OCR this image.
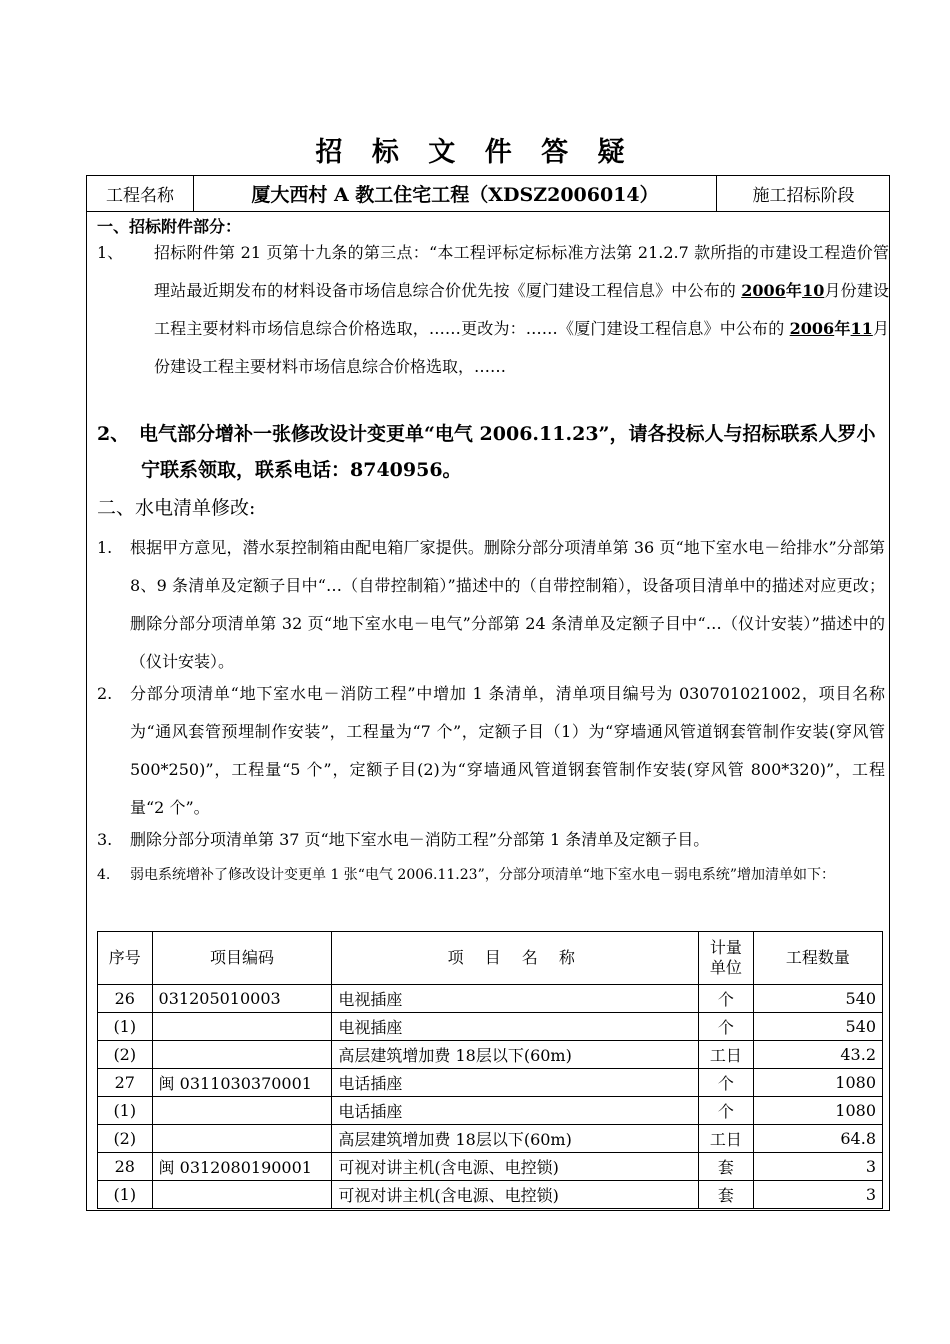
招 标 文 件 答 疑
工程名称	厦大西村 A 教工住宅工程（XDSZ2006014）	施工招标阶段
一、招标附件部分：
1、 招标附件第 21 页第十九条的第三点：“本工程评标定标标准方法第 21.2.7 款所指的市建设工程造价管理站最近期发布的材料设备市场信息综合价优先按《厦门建设工程信息》中公布的 2006年10月份建设工程主要材料市场信息综合价格选取，……更改为：……《厦门建设工程信息》中公布的 2006年11月份建设工程主要材料市场信息综合价格选取，……
2、 电气部分增补一张修改设计变更单“电气 2006.11.23”，请各投标人与招标联系人罗小宁联系领取，联系电话：8740956。
二、水电清单修改:
1. 根据甲方意见，潜水泵控制箱由配电箱厂家提供。删除分部分项清单第 36 页“地下室水电－给排水”分部第 8、9 条清单及定额子目中“…（自带控制箱）”描述中的（自带控制箱），设备项目清单中的描述对应更改；删除分部分项清单第 32 页“地下室水电－电气”分部第 24 条清单及定额子目中“…（仪计安装）”描述中的（仪计安装）。
2. 分部分项清单“地下室水电－消防工程”中增加 1 条清单，清单项目编号为 030701021002，项目名称为“通风套管预埋制作安装”，工程量为“7 个”，定额子目（1）为“穿墙通风管道钢套管制作安装(穿风管 500*250)”，工程量“5 个”，定额子目(2)为“穿墙通风管道钢套管制作安装(穿风管 800*320)”，工程量“2 个”。
3. 删除分部分项清单第 37 页“地下室水电－消防工程”分部第 1 条清单及定额子目。
4. 弱电系统增补了修改设计变更单 1 张“电气 2006.11.23”，分部分项清单“地下室水电－弱电系统”增加清单如下：
序号	项目编码	项 目 名 称	计量单位	工程数量
26	031205010003	电视插座	个	540
(1)		电视插座	个	540
(2)		高层建筑增加费 18层以下(60m)	工日	43.2
27	闽 0311030370001	电话插座	个	1080
(1)		电话插座	个	1080
(2)		高层建筑增加费 18层以下(60m)	工日	64.8
28	闽 0312080190001	可视对讲主机(含电源、电控锁)	套	3
(1)		可视对讲主机(含电源、电控锁)	套	3
